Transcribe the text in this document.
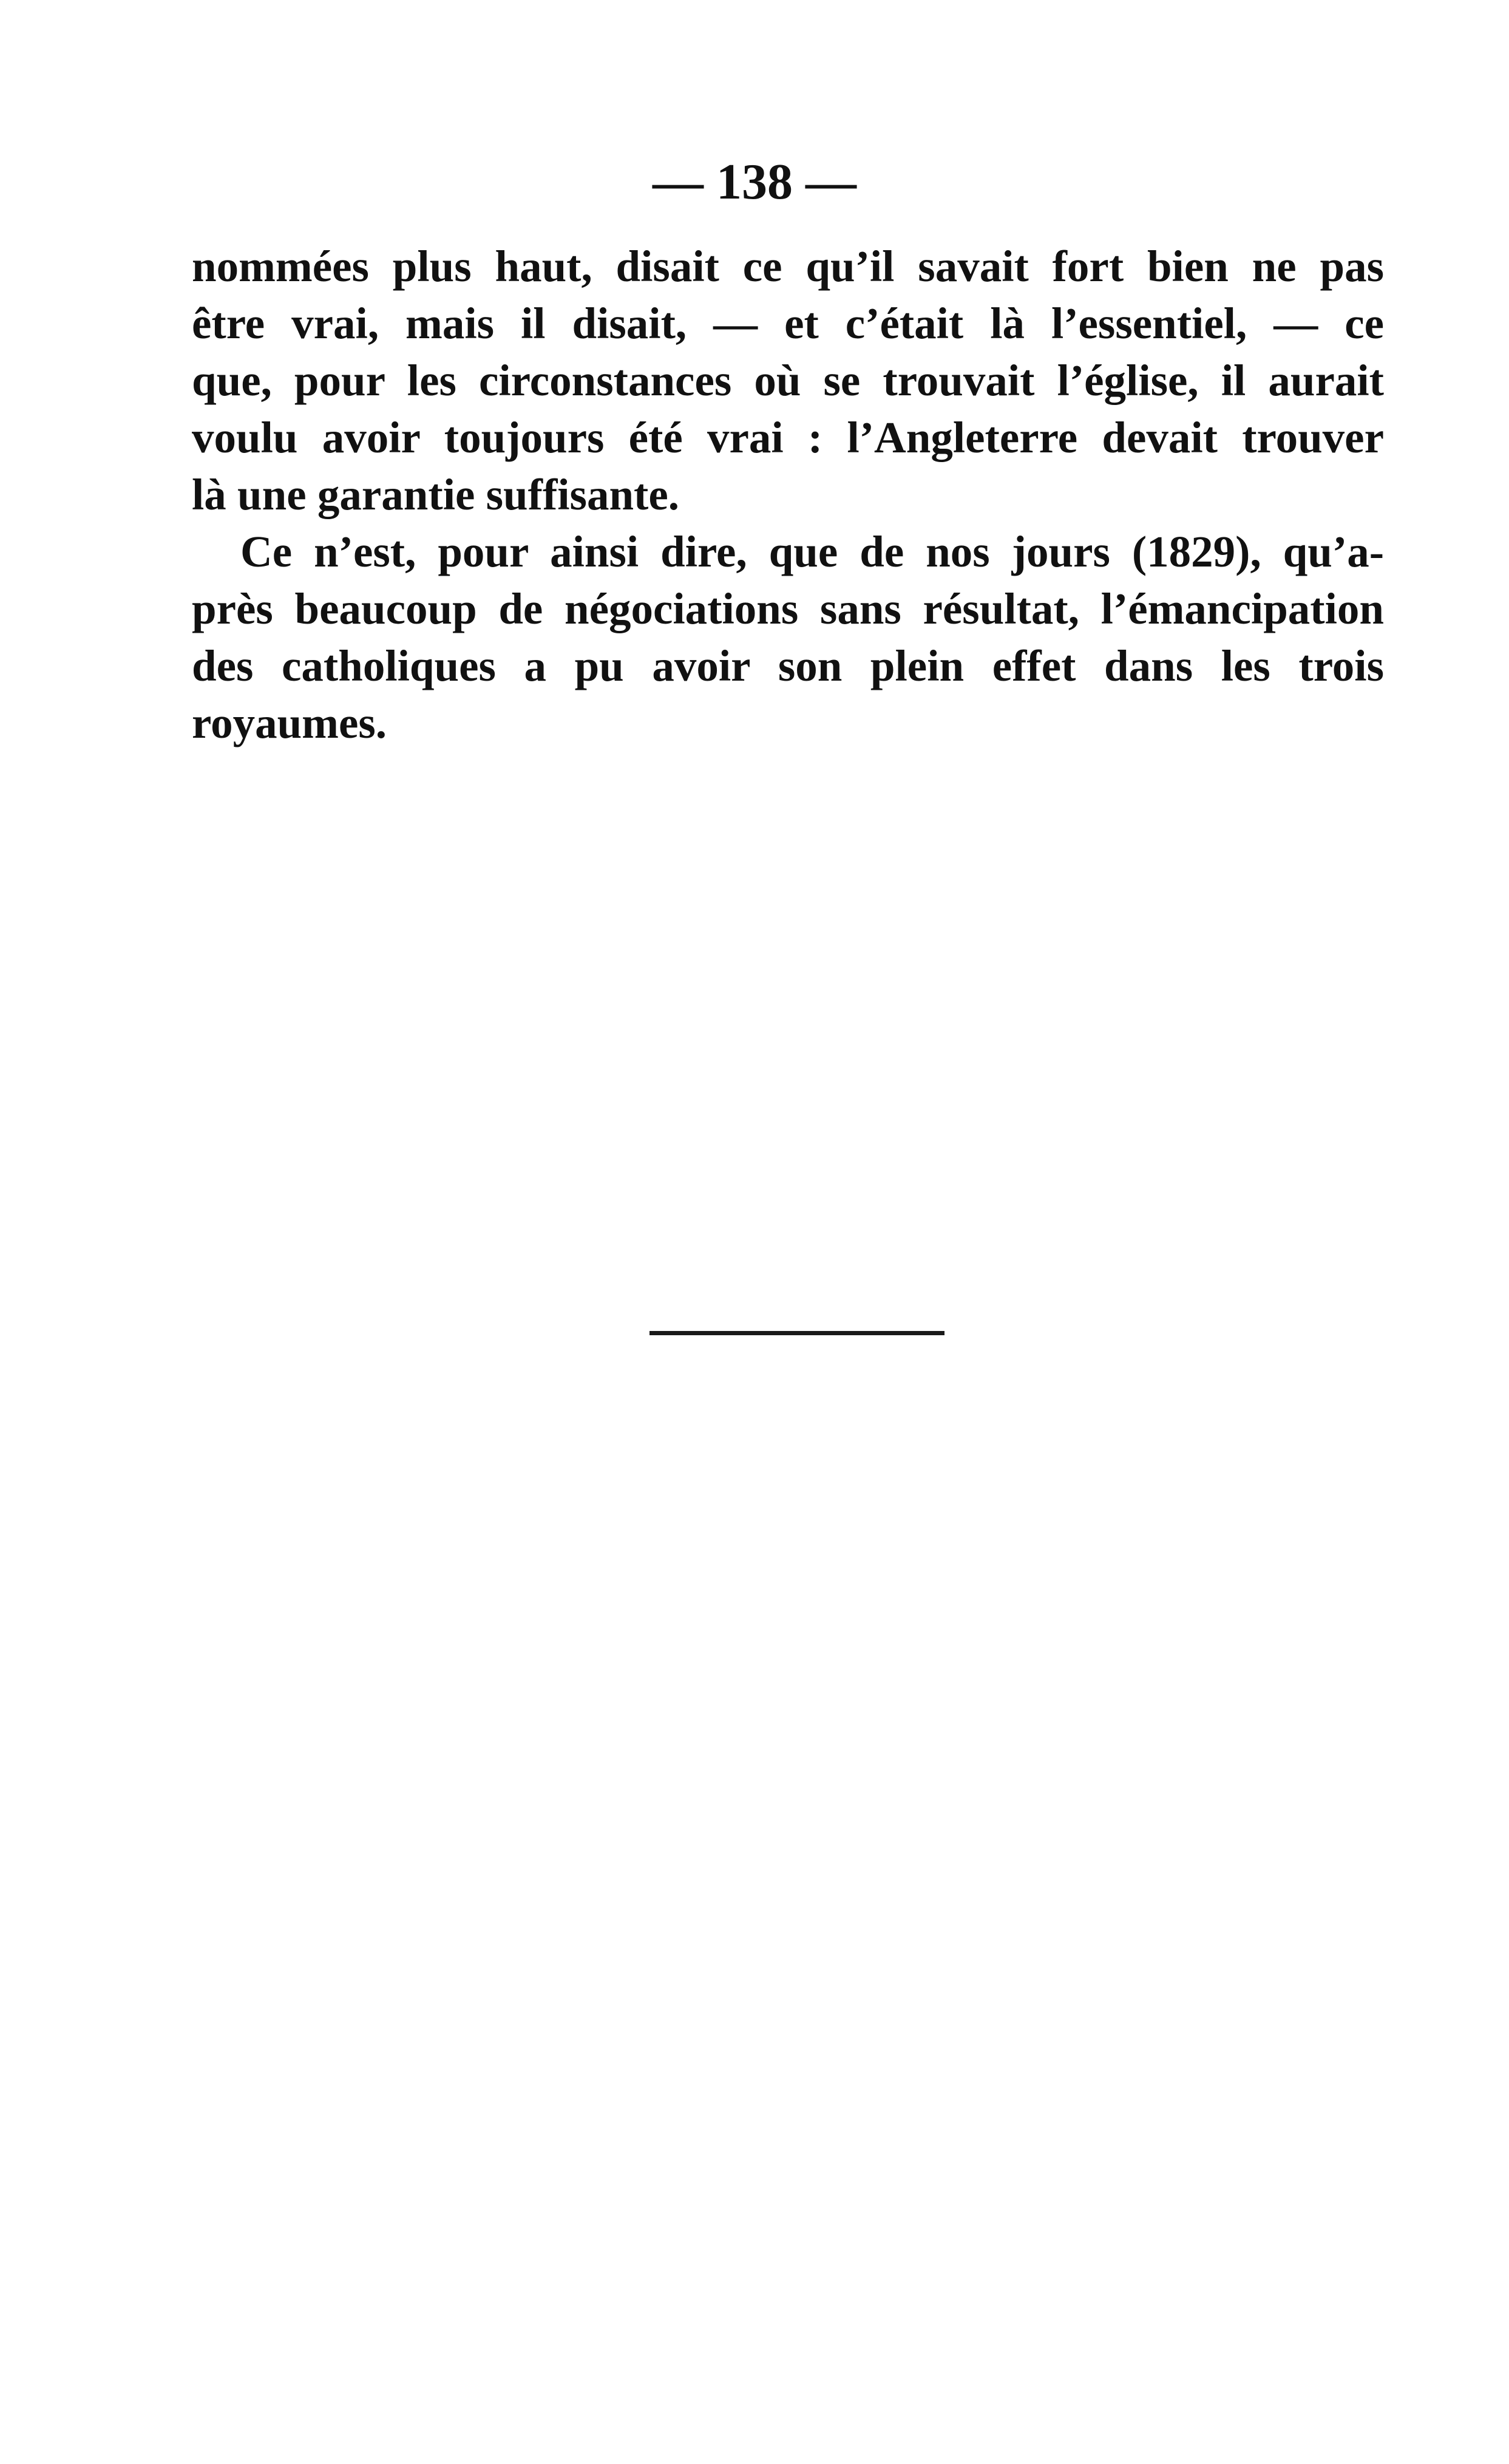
— 138 —
nommées plus haut, disait ce qu’il savait fort bien ne pas
être vrai, mais il disait, — et c’était là l’essentiel, — ce
que, pour les circonstances où se trouvait l’église, il aurait
voulu avoir toujours été vrai : l’Angleterre devait trouver
là une garantie suffisante.
Ce n’est, pour ainsi dire, que de nos jours (1829), qu’a-
près beaucoup de négociations sans résultat, l’émancipation
des catholiques a pu avoir son plein effet dans les trois
royaumes.
